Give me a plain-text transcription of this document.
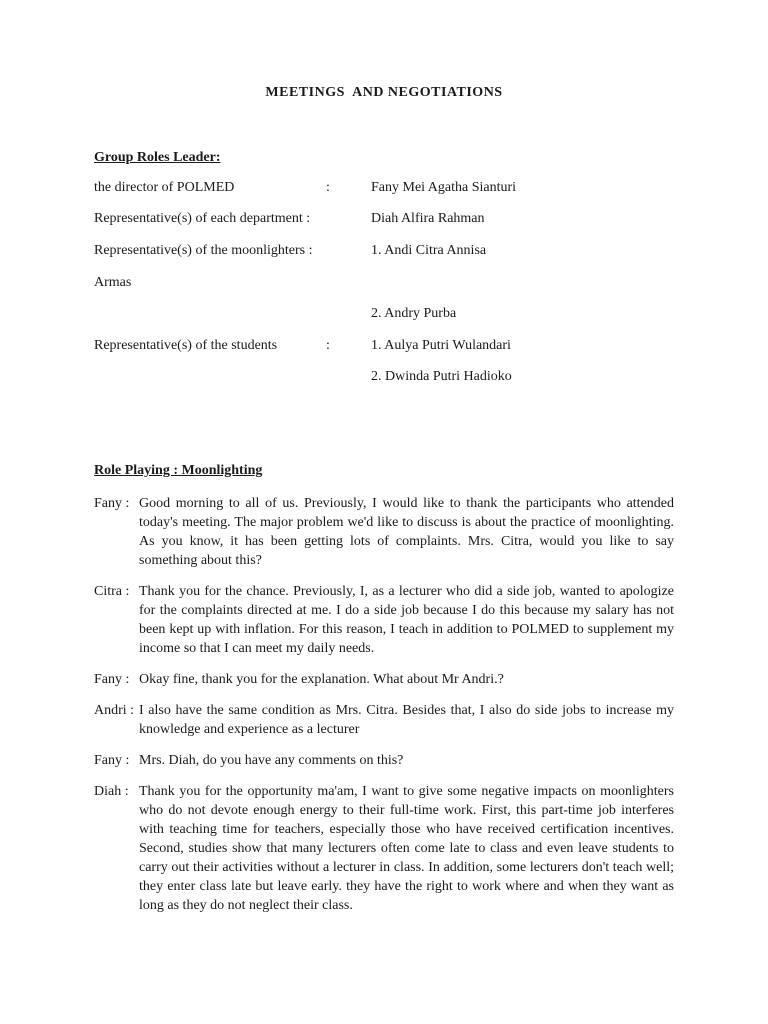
MEETINGS  AND NEGOTIATIONS
Group Roles Leader:
the director of POLMED	:	Fany Mei Agatha Sianturi
Representative(s) of each department :	Diah Alfira Rahman
Representative(s) of the moonlighters :	1. Andi Citra Annisa
Armas
2. Andry Purba
Representative(s) of the students	:	1. Aulya Putri Wulandari
2. Dwinda Putri Hadioko
Role Playing : Moonlighting
Fany : Good morning to all of us. Previously, I would like to thank the participants who attended today's meeting. The major problem we'd like to discuss is about the practice of moonlighting. As you know, it has been getting lots of complaints. Mrs. Citra, would you like to say something about this?
Citra : Thank you for the chance. Previously, I, as a lecturer who did a side job, wanted to apologize for the complaints directed at me. I do a side job because I do this because my salary has not been kept up with inflation. For this reason, I teach in addition to POLMED to supplement my income so that I can meet my daily needs.
Fany : Okay fine, thank you for the explanation. What about Mr Andri.?
Andri : I also have the same condition as Mrs. Citra. Besides that, I also do side jobs to increase my knowledge and experience as a lecturer
Fany : Mrs. Diah, do you have any comments on this?
Diah : Thank you for the opportunity ma'am, I want to give some negative impacts on moonlighters who do not devote enough energy to their full-time work. First, this part-time job interferes with teaching time for teachers, especially those who have received certification incentives. Second, studies show that many lecturers often come late to class and even leave students to carry out their activities without a lecturer in class. In addition, some lecturers don't teach well; they enter class late but leave early. they have the right to work where and when they want as long as they do not neglect their class.
